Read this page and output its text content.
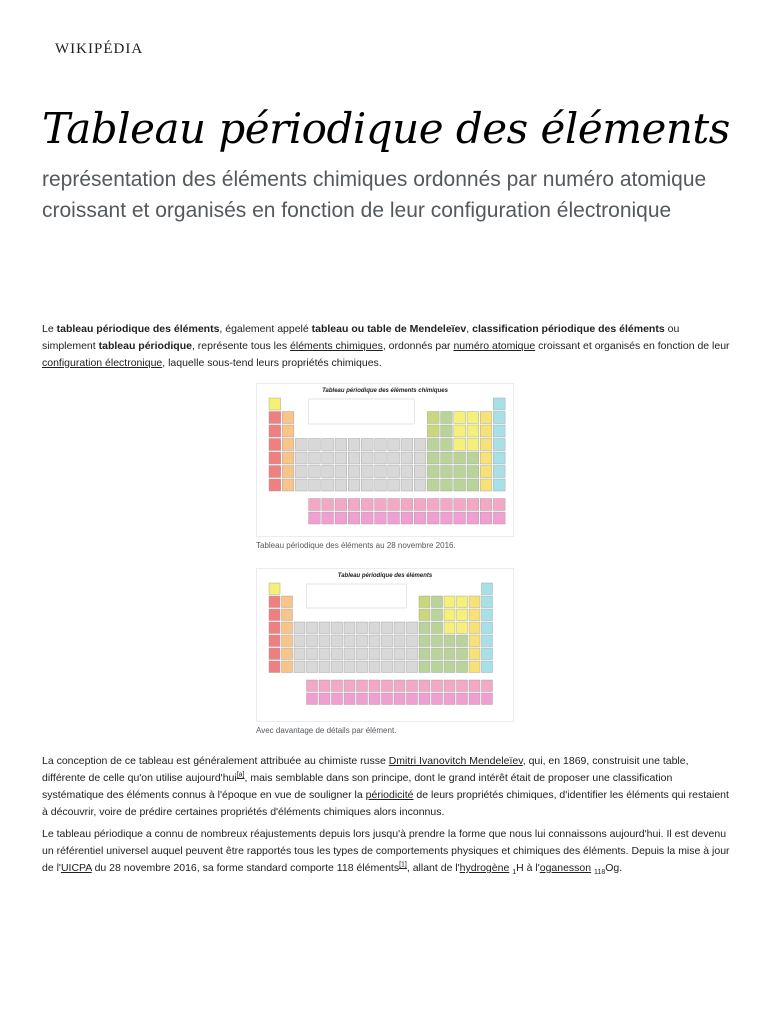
WIKIPÉDIA
Tableau périodique des éléments

représentation des éléments chimiques ordonnés par numéro atomique croissant et organisés en fonction de leur configuration électronique

Le tableau périodique des éléments, également appelé tableau ou table de Mendeleïev, classification périodique des éléments ou simplement tableau périodique, représente tous les éléments chimiques, ordonnés par numéro atomique croissant et organisés en fonction de leur configuration électronique, laquelle sous-tend leurs propriétés chimiques.

Tableau périodique des éléments chimiques
Tableau périodique des éléments au 28 novembre 2016.
Tableau périodique des éléments
Avec davantage de détails par élément.

La conception de ce tableau est généralement attribuée au chimiste russe Dmitri Ivanovitch Mendeleïev, qui, en 1869, construisit une table, différente de celle qu'on utilise aujourd'hui[a], mais semblable dans son principe, dont le grand intérêt était de proposer une classification systématique des éléments connus à l'époque en vue de souligner la périodicité de leurs propriétés chimiques, d'identifier les éléments qui restaient à découvrir, voire de prédire certaines propriétés d'éléments chimiques alors inconnus.

Le tableau périodique a connu de nombreux réajustements depuis lors jusqu'à prendre la forme que nous lui connaissons aujourd'hui. Il est devenu un référentiel universel auquel peuvent être rapportés tous les types de comportements physiques et chimiques des éléments. Depuis la mise à jour de l'UICPA du 28 novembre 2016, sa forme standard comporte 118 éléments[1], allant de l'hydrogène $_1$H à l'oganesson $_{118}$Og.
